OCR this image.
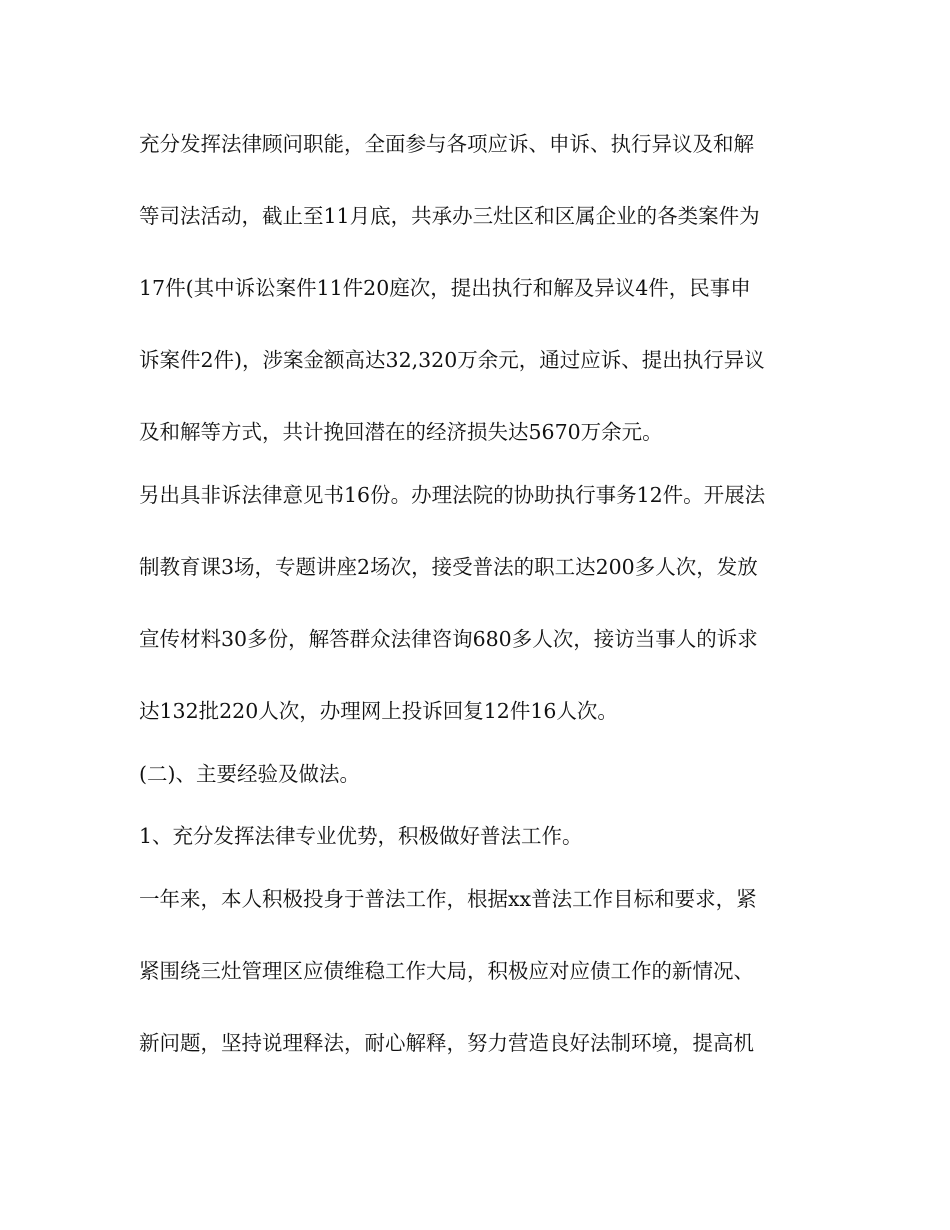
充分发挥法律顾问职能，全面参与各项应诉、申诉、执行异议及和解
等司法活动，截止至11月底，共承办三灶区和区属企业的各类案件为
17件(其中诉讼案件11件20庭次，提出执行和解及异议4件，民事申
诉案件2件)，涉案金额高达32,320万余元，通过应诉、提出执行异议
及和解等方式，共计挽回潜在的经济损失达5670万余元。
另出具非诉法律意见书16份。办理法院的协助执行事务12件。开展法
制教育课3场，专题讲座2场次，接受普法的职工达200多人次，发放
宣传材料30多份，解答群众法律咨询680多人次，接访当事人的诉求
达132批220人次，办理网上投诉回复12件16人次。
(二)、主要经验及做法。
1、充分发挥法律专业优势，积极做好普法工作。
一年来，本人积极投身于普法工作，根据xx普法工作目标和要求，紧
紧围绕三灶管理区应债维稳工作大局，积极应对应债工作的新情况、
新问题，坚持说理释法，耐心解释，努力营造良好法制环境，提高机
